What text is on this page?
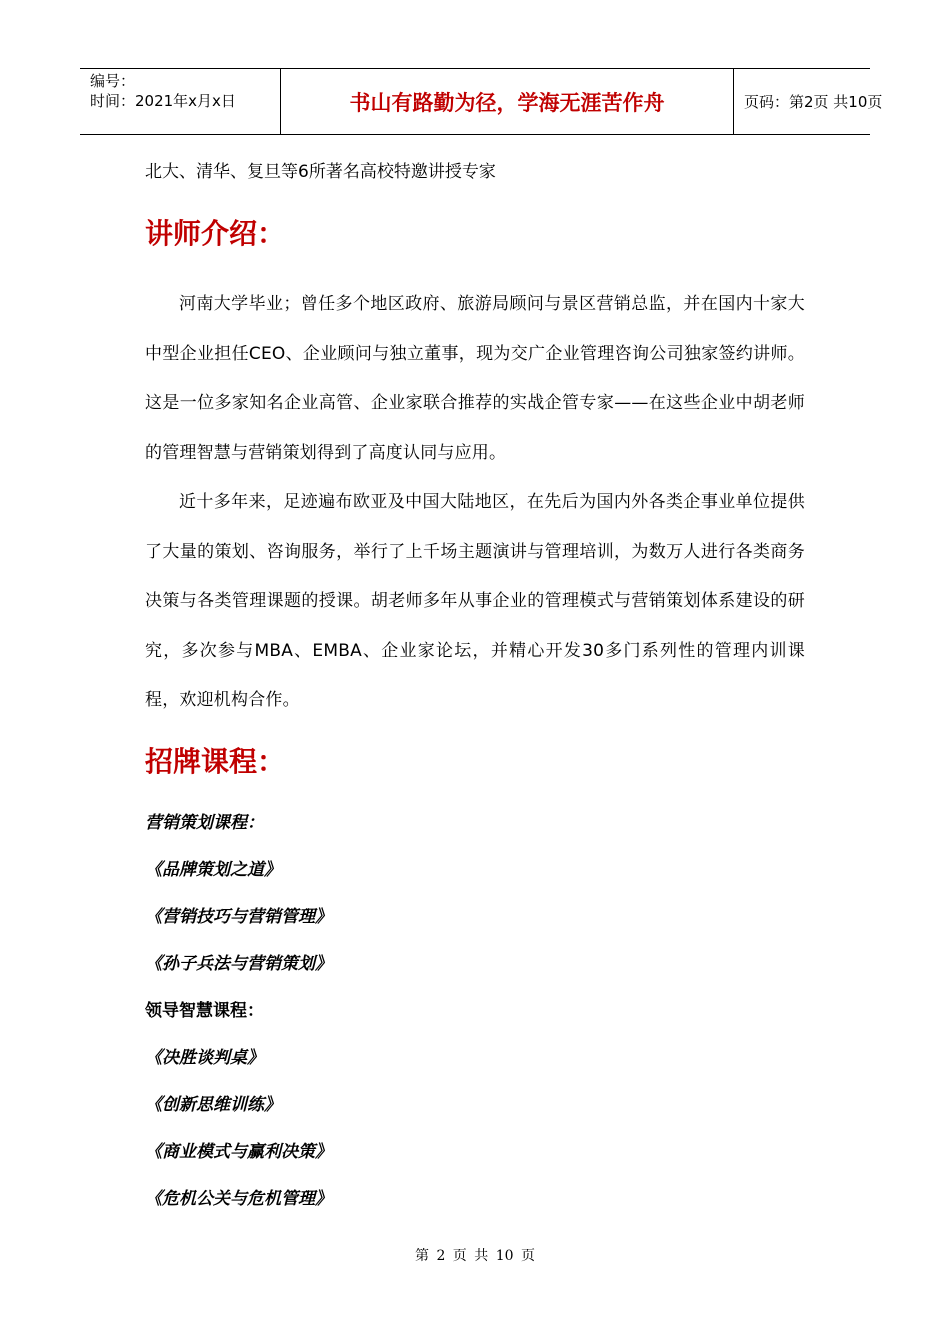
编号：
时间：2021年x月x日	书山有路勤为径，学海无涯苦作舟	页码：第2页 共10页

北大、清华、复旦等6所著名高校特邀讲授专家

讲师介绍：

河南大学毕业；曾任多个地区政府、旅游局顾问与景区营销总监，并在国内十家大中型企业担任CEO、企业顾问与独立董事，现为交广企业管理咨询公司独家签约讲师。这是一位多家知名企业高管、企业家联合推荐的实战企管专家——在这些企业中胡老师的管理智慧与营销策划得到了高度认同与应用。

近十多年来，足迹遍布欧亚及中国大陆地区，在先后为国内外各类企事业单位提供了大量的策划、咨询服务，举行了上千场主题演讲与管理培训，为数万人进行各类商务决策与各类管理课题的授课。胡老师多年从事企业的管理模式与营销策划体系建设的研究，多次参与MBA、EMBA、企业家论坛，并精心开发30多门系列性的管理内训课程，欢迎机构合作。

招牌课程：

营销策划课程：

《品牌策划之道》

《营销技巧与营销管理》

《孙子兵法与营销策划》

领导智慧课程：

《决胜谈判桌》

《创新思维训练》

《商业模式与赢利决策》

《危机公关与危机管理》

第 2 页 共 10 页
